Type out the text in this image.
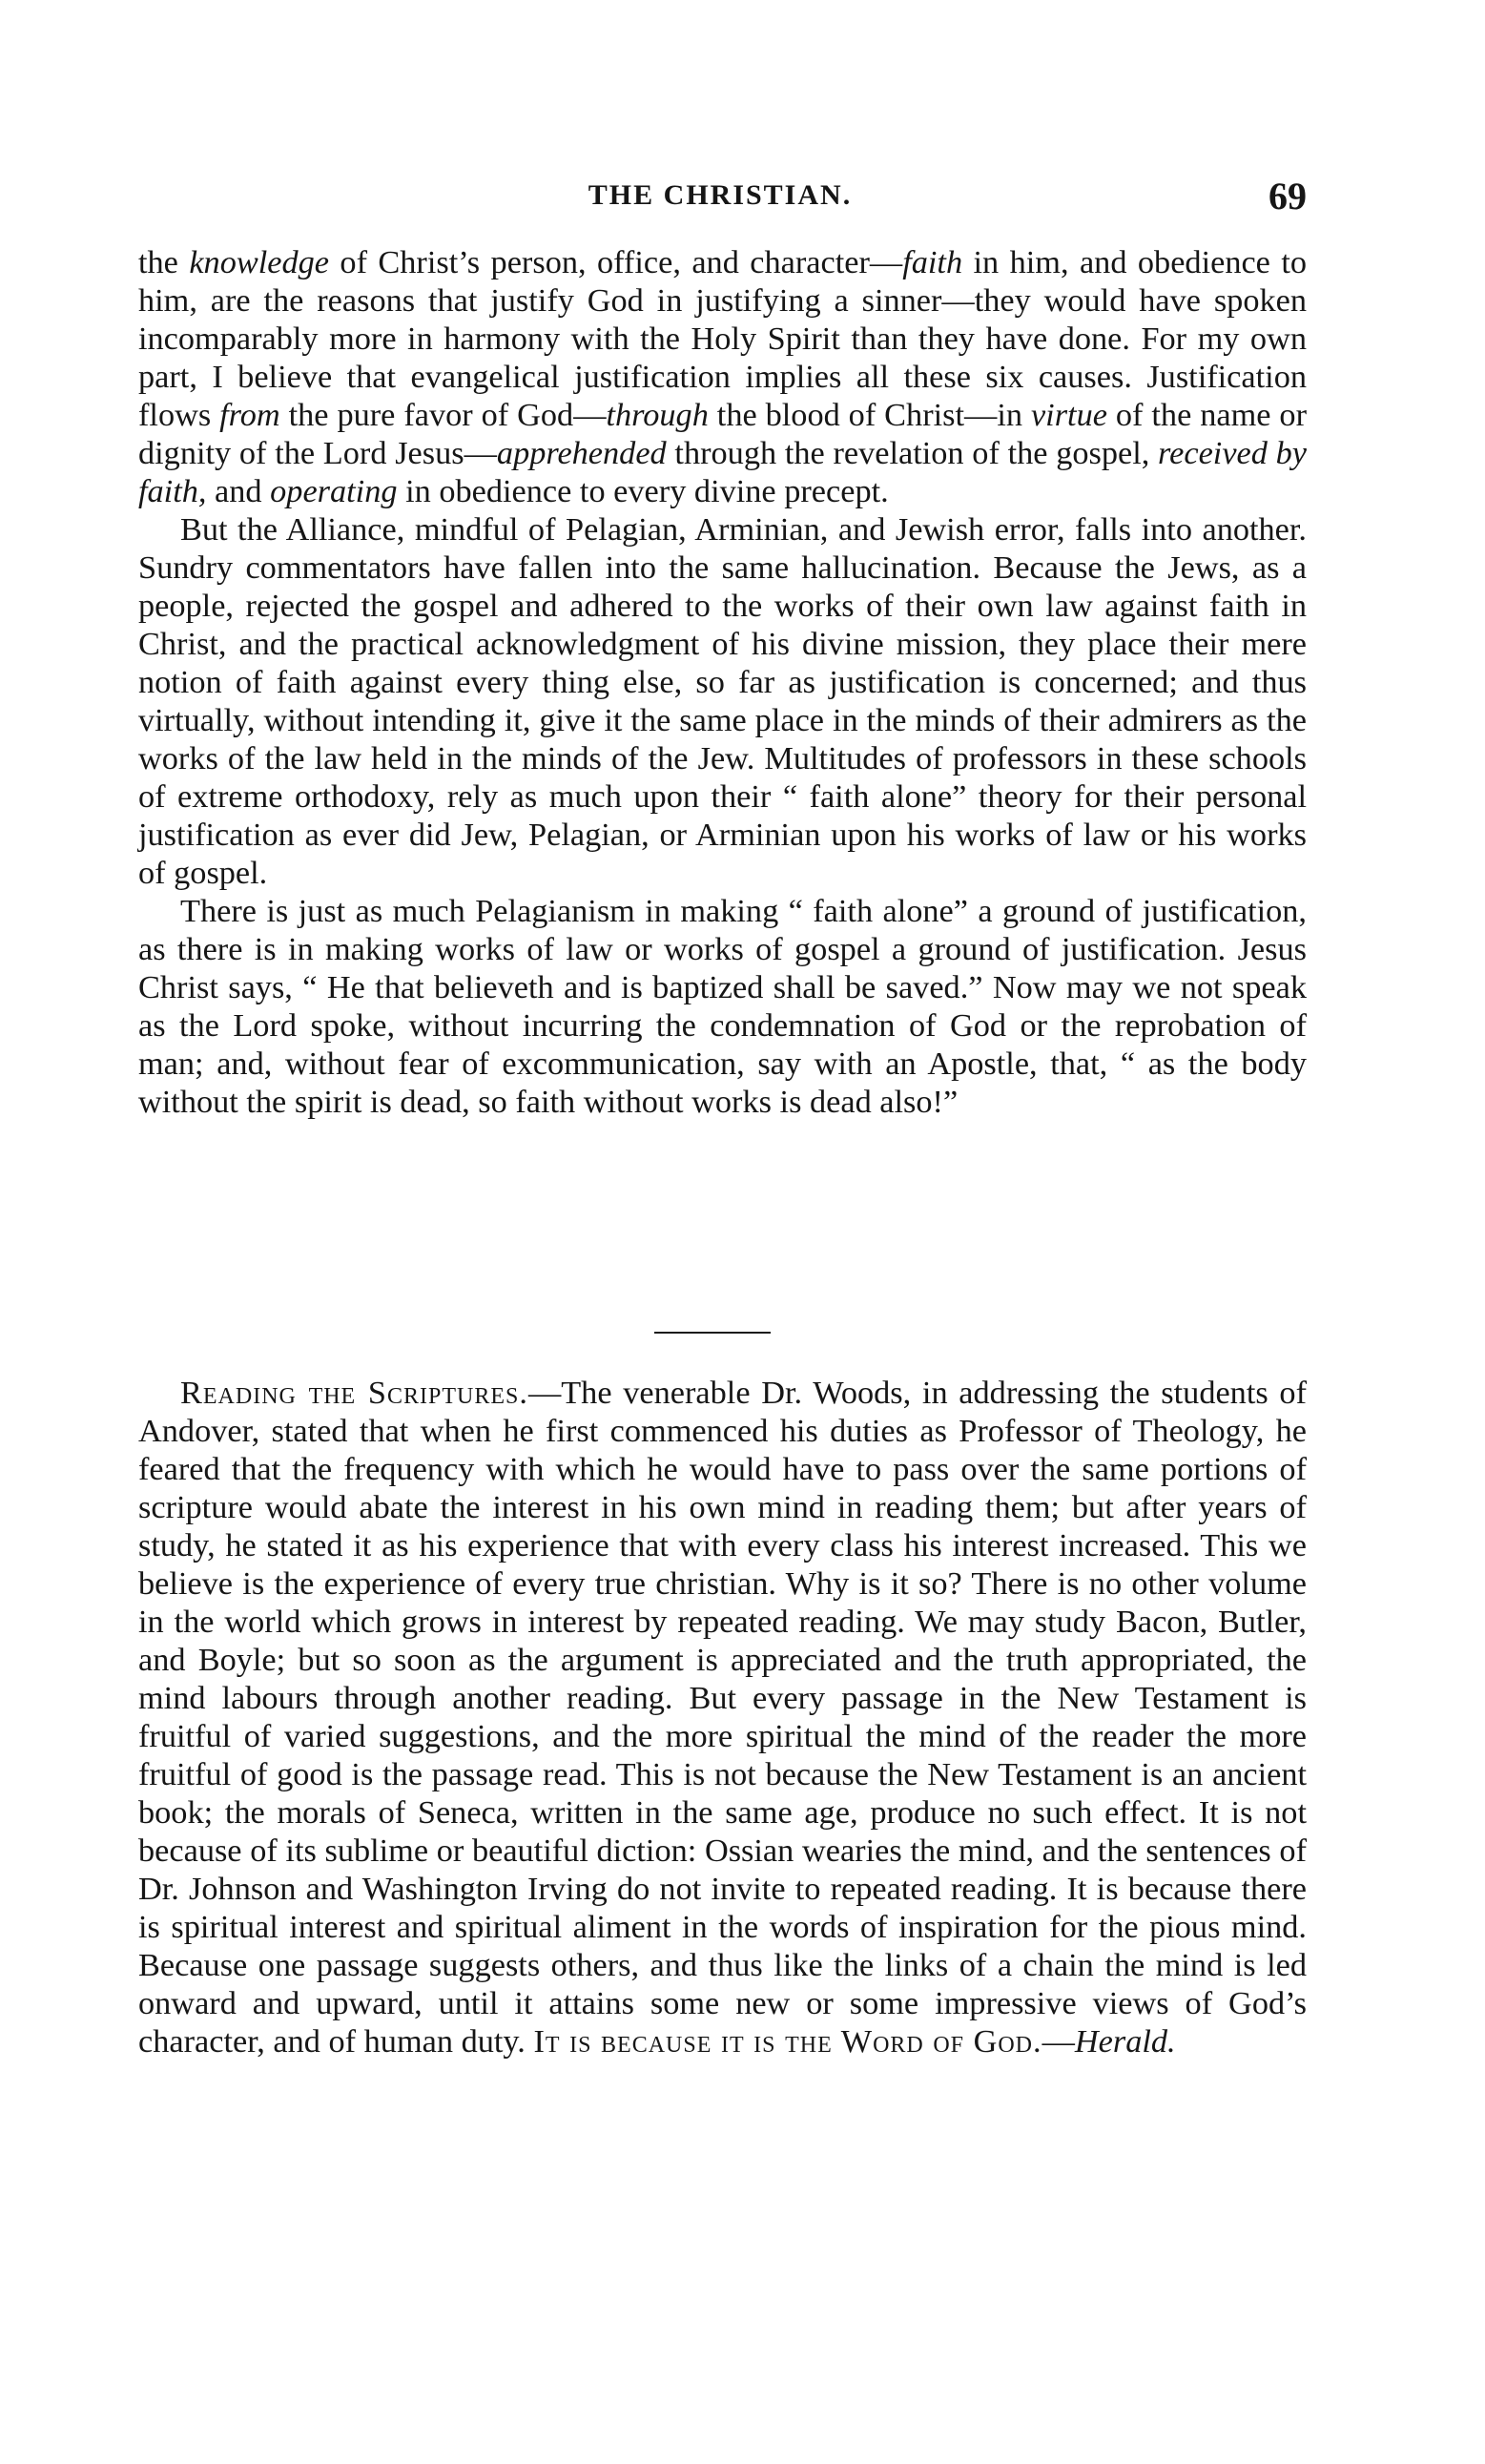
THE CHRISTIAN.	69

the knowledge of Christ’s person, office, and character—faith in him, and obedience to him, are the reasons that justify God in justifying a sinner—they would have spoken incomparably more in harmony with the Holy Spirit than they have done. For my own part, I believe that evangelical justification implies all these six causes. Justification flows from the pure favor of God—through the blood of Christ—in virtue of the name or dignity of the Lord Jesus—apprehended through the revelation of the gospel, received by faith, and operating in obedience to every divine precept.

But the Alliance, mindful of Pelagian, Arminian, and Jewish error, falls into another. Sundry commentators have fallen into the same hallucination. Because the Jews, as a people, rejected the gospel and adhered to the works of their own law against faith in Christ, and the practical acknowledgment of his divine mission, they place their mere notion of faith against every thing else, so far as justification is concerned; and thus virtually, without intending it, give it the same place in the minds of their admirers as the works of the law held in the minds of the Jew. Multitudes of professors in these schools of extreme orthodoxy, rely as much upon their “ faith alone” theory for their personal justification as ever did Jew, Pelagian, or Arminian upon his works of law or his works of gospel.

There is just as much Pelagianism in making “ faith alone” a ground of justification, as there is in making works of law or works of gospel a ground of justification. Jesus Christ says, “ He that believeth and is baptized shall be saved.” Now may we not speak as the Lord spoke, without incurring the condemnation of God or the reprobation of man; and, without fear of excommunication, say with an Apostle, that, “ as the body without the spirit is dead, so faith without works is dead also!”

Reading the Scriptures.—The venerable Dr. Woods, in addressing the students of Andover, stated that when he first commenced his duties as Professor of Theology, he feared that the frequency with which he would have to pass over the same portions of scripture would abate the interest in his own mind in reading them; but after years of study, he stated it as his experience that with every class his interest increased. This we believe is the experience of every true christian. Why is it so? There is no other volume in the world which grows in interest by repeated reading. We may study Bacon, Butler, and Boyle; but so soon as the argument is appreciated and the truth appropriated, the mind labours through another reading. But every passage in the New Testament is fruitful of varied suggestions, and the more spiritual the mind of the reader the more fruitful of good is the passage read. This is not because the New Testament is an ancient book; the morals of Seneca, written in the same age, produce no such effect. It is not because of its sublime or beautiful diction: Ossian wearies the mind, and the sentences of Dr. Johnson and Washington Irving do not invite to repeated reading. It is because there is spiritual interest and spiritual aliment in the words of inspiration for the pious mind. Because one passage suggests others, and thus like the links of a chain the mind is led onward and upward, until it attains some new or some impressive views of God’s character, and of human duty. It is because it is the Word of God.—Herald.
